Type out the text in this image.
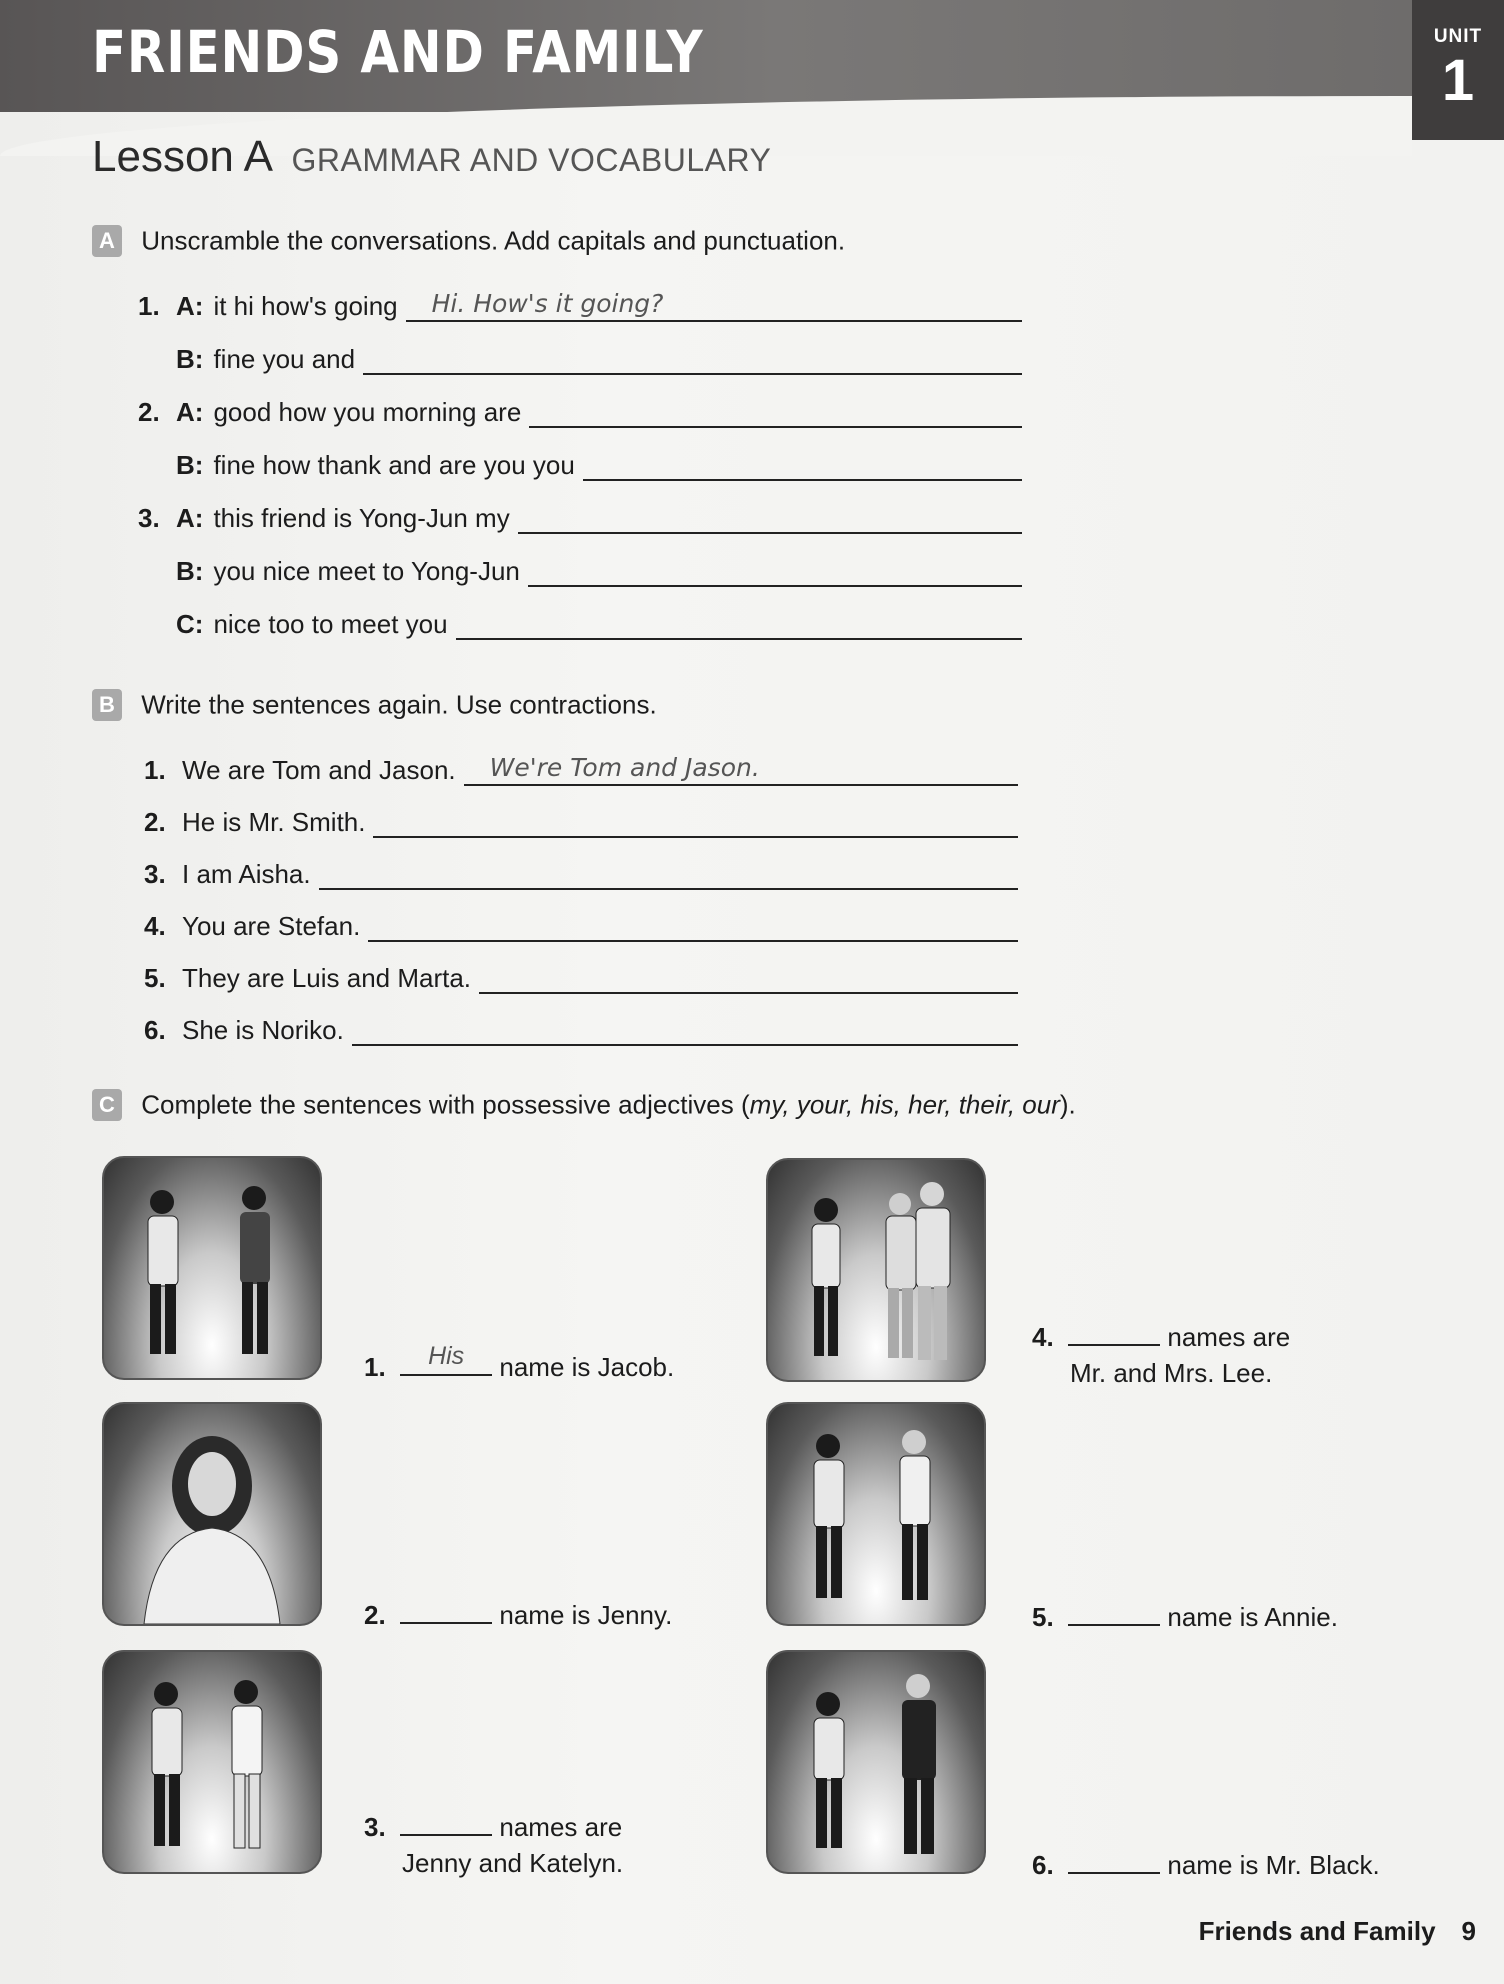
FRIENDS AND FAMILY	UNIT
1
Lesson A GRAMMAR AND VOCABULARY
A Unscramble the conversations. Add capitals and punctuation.
1. A: it hi how's going Hi. How's it going?
B: fine you and
2. A: good how you morning are
B: fine how thank and are you you
3. A: this friend is Yong-Jun my
B: you nice meet to Yong-Jun
C: nice too to meet you
B Write the sentences again. Use contractions.
1. We are Tom and Jason. We're Tom and Jason.
2. He is Mr. Smith.
3. I am Aisha.
4. You are Stefan.
5. They are Luis and Marta.
6. She is Noriko.
C Complete the sentences with possessive adjectives (my, your, his, her, their, our).
1.	His	name is Jacob.
2.	name is Jenny.
3.	names are
Jenny and Katelyn.
4.	names are
Mr. and Mrs. Lee.
5.	name is Annie.
6.	name is Mr. Black.
Friends and Family 9
